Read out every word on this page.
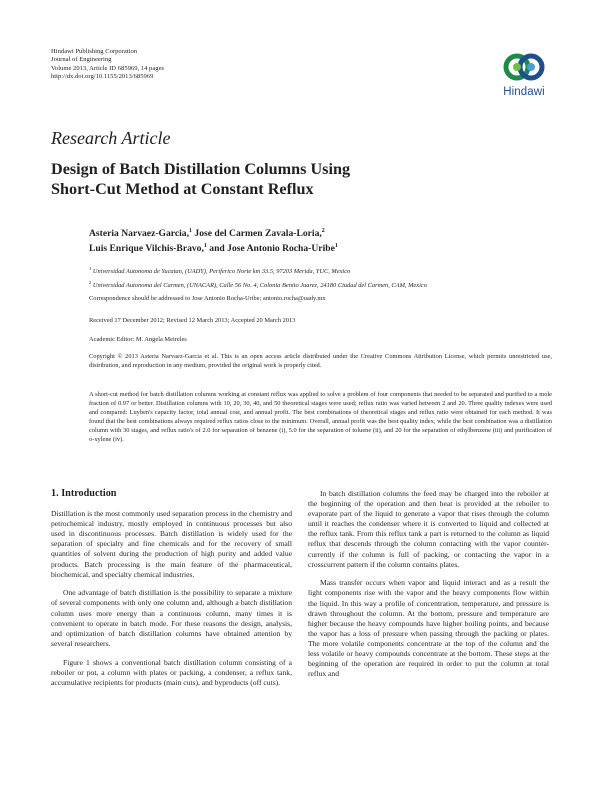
Hindawi Publishing Corporation
Journal of Engineering
Volume 2013, Article ID 685969, 14 pages
http://dx.doi.org/10.1155/2013/685969
Hindawi
Research Article
Design of Batch Distillation Columns Using
Short-Cut Method at Constant Reflux
Asteria Narvaez-Garcia,$^1$ Jose del Carmen Zavala-Loria,$^2$
Luis Enrique Vilchis-Bravo,$^1$ and Jose Antonio Rocha-Uribe$^1$
$^1$ Universidad Autonoma de Yucatan, (UADY), Periferico Norte km 33.5, 97203 Merida, YUC, Mexico
$^2$ Universidad Autonoma del Carmen, (UNACAR), Calle 56 No. 4, Colonia Benito Juarez, 24180 Ciudad del Carmen, CAM, Mexico
Correspondence should be addressed to Jose Antonio Rocha-Uribe; antonio.rocha@uady.mx
Received 17 December 2012; Revised 12 March 2013; Accepted 20 March 2013
Academic Editor: M. Angela Meireles
Copyright © 2013 Asteria Narvaez-Garcia et al. This is an open access article distributed under the Creative Commons Attribution License, which permits unrestricted use, distribution, and reproduction in any medium, provided the original work is properly cited.
A short-cut method for batch distillation columns working at constant reflux was applied to solve a problem of four components that needed to be separated and purified to a mole fraction of 0.97 or better. Distillation columns with 10, 20, 30, 40, and 50 theoretical stages were used; reflux ratio was varied between 2 and 20. Three quality indexes were used and compared: Luyben's capacity factor, total annual cost, and annual profit. The best combinations of theoretical stages and reflux ratio were obtained for each method. It was found that the best combinations always required reflux ratios close to the minimum. Overall, annual profit was the best quality index, while the best combination was a distillation column with 30 stages, and reflux ratio's of 2.0 for separation of benzene (i), 5.0 for the separation of toluene (ii), and 20 for the separation of ethylbenzene (iii) and purification of o-xylene (iv).
1. Introduction

Distillation is the most commonly used separation process in the chemistry and petrochemical industry, mostly employed in continuous processes but also used in discontinuous processes. Batch distillation is widely used for the separation of specialty and fine chemicals and for the recovery of small quantities of solvent during the production of high purity and added value products. Batch processing is the main feature of the pharmaceutical, biochemical, and specialty chemical industries.

One advantage of batch distillation is the possibility to separate a mixture of several components with only one column and, although a batch distillation column uses more energy than a continuous column, many times it is convenient to operate in batch mode. For these reasons the design, analysis, and optimization of batch distillation columns have obtained attention by several researchers.

Figure 1 shows a conventional batch distillation column consisting of a reboiler or pot, a column with plates or packing, a condenser, a reflux tank, accumulative recipients for products (main cuts), and byproducts (off cuts).

In batch distillation columns the feed may be charged into the reboiler at the beginning of the operation and then heat is provided at the reboiler to evaporate part of the liquid to generate a vapor that rises through the column until it reaches the condenser where it is converted to liquid and collected at the reflux tank. From this reflux tank a part is returned to the column as liquid reflux that descends through the column contacting with the vapor counter-currently if the column is full of packing, or contacting the vapor in a crosscurrent pattern if the column contains plates.

Mass transfer occurs when vapor and liquid interact and as a result the light components rise with the vapor and the heavy components flow within the liquid. In this way a profile of concentration, temperature, and pressure is drawn throughout the column. At the bottom, pressure and temperature are higher because the heavy compounds have higher boiling points, and because the vapor has a loss of pressure when passing through the packing or plates. The more volatile components concentrate at the top of the column and the less volatile or heavy compounds concentrate at the bottom. These steps at the beginning of the operation are required in order to put the column at total reflux and
